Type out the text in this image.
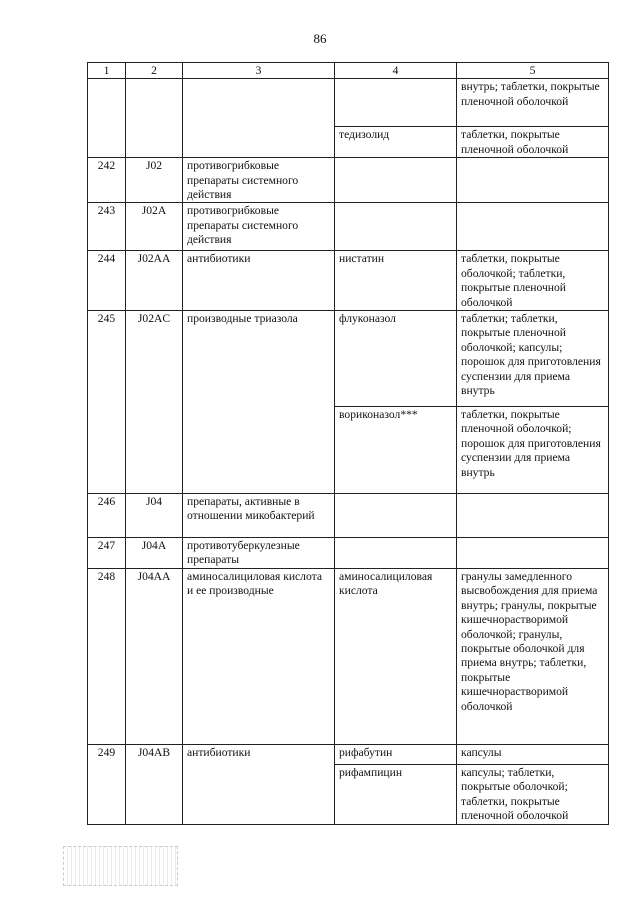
86
1	2	3	4	5
				внутрь; таблетки, покрытые пленочной оболочкой
			тедизолид	таблетки, покрытые пленочной оболочкой
242	J02	противогрибковые препараты системного действия		
243	J02A	противогрибковые препараты системного действия		
244	J02AA	антибиотики	нистатин	таблетки, покрытые оболочкой; таблетки, покрытые пленочной оболочкой
245	J02AC	производные триазола	флуконазол	таблетки; таблетки, покрытые пленочной оболочкой; капсулы; порошок для приготовления суспензии для приема внутрь
			вориконазол***	таблетки, покрытые пленочной оболочкой; порошок для приготовления суспензии для приема внутрь
246	J04	препараты, активные в отношении микобактерий		
247	J04A	противотуберкулезные препараты		
248	J04AA	аминосалициловая кислота и ее производные	аминосалициловая кислота	гранулы замедленного высвобождения для приема внутрь; гранулы, покрытые кишечнорастворимой оболочкой; гранулы, покрытые оболочкой для приема внутрь; таблетки, покрытые кишечнорастворимой оболочкой
249	J04AB	антибиотики	рифабутин	капсулы
			рифампицин	капсулы; таблетки, покрытые оболочкой; таблетки, покрытые пленочной оболочкой
